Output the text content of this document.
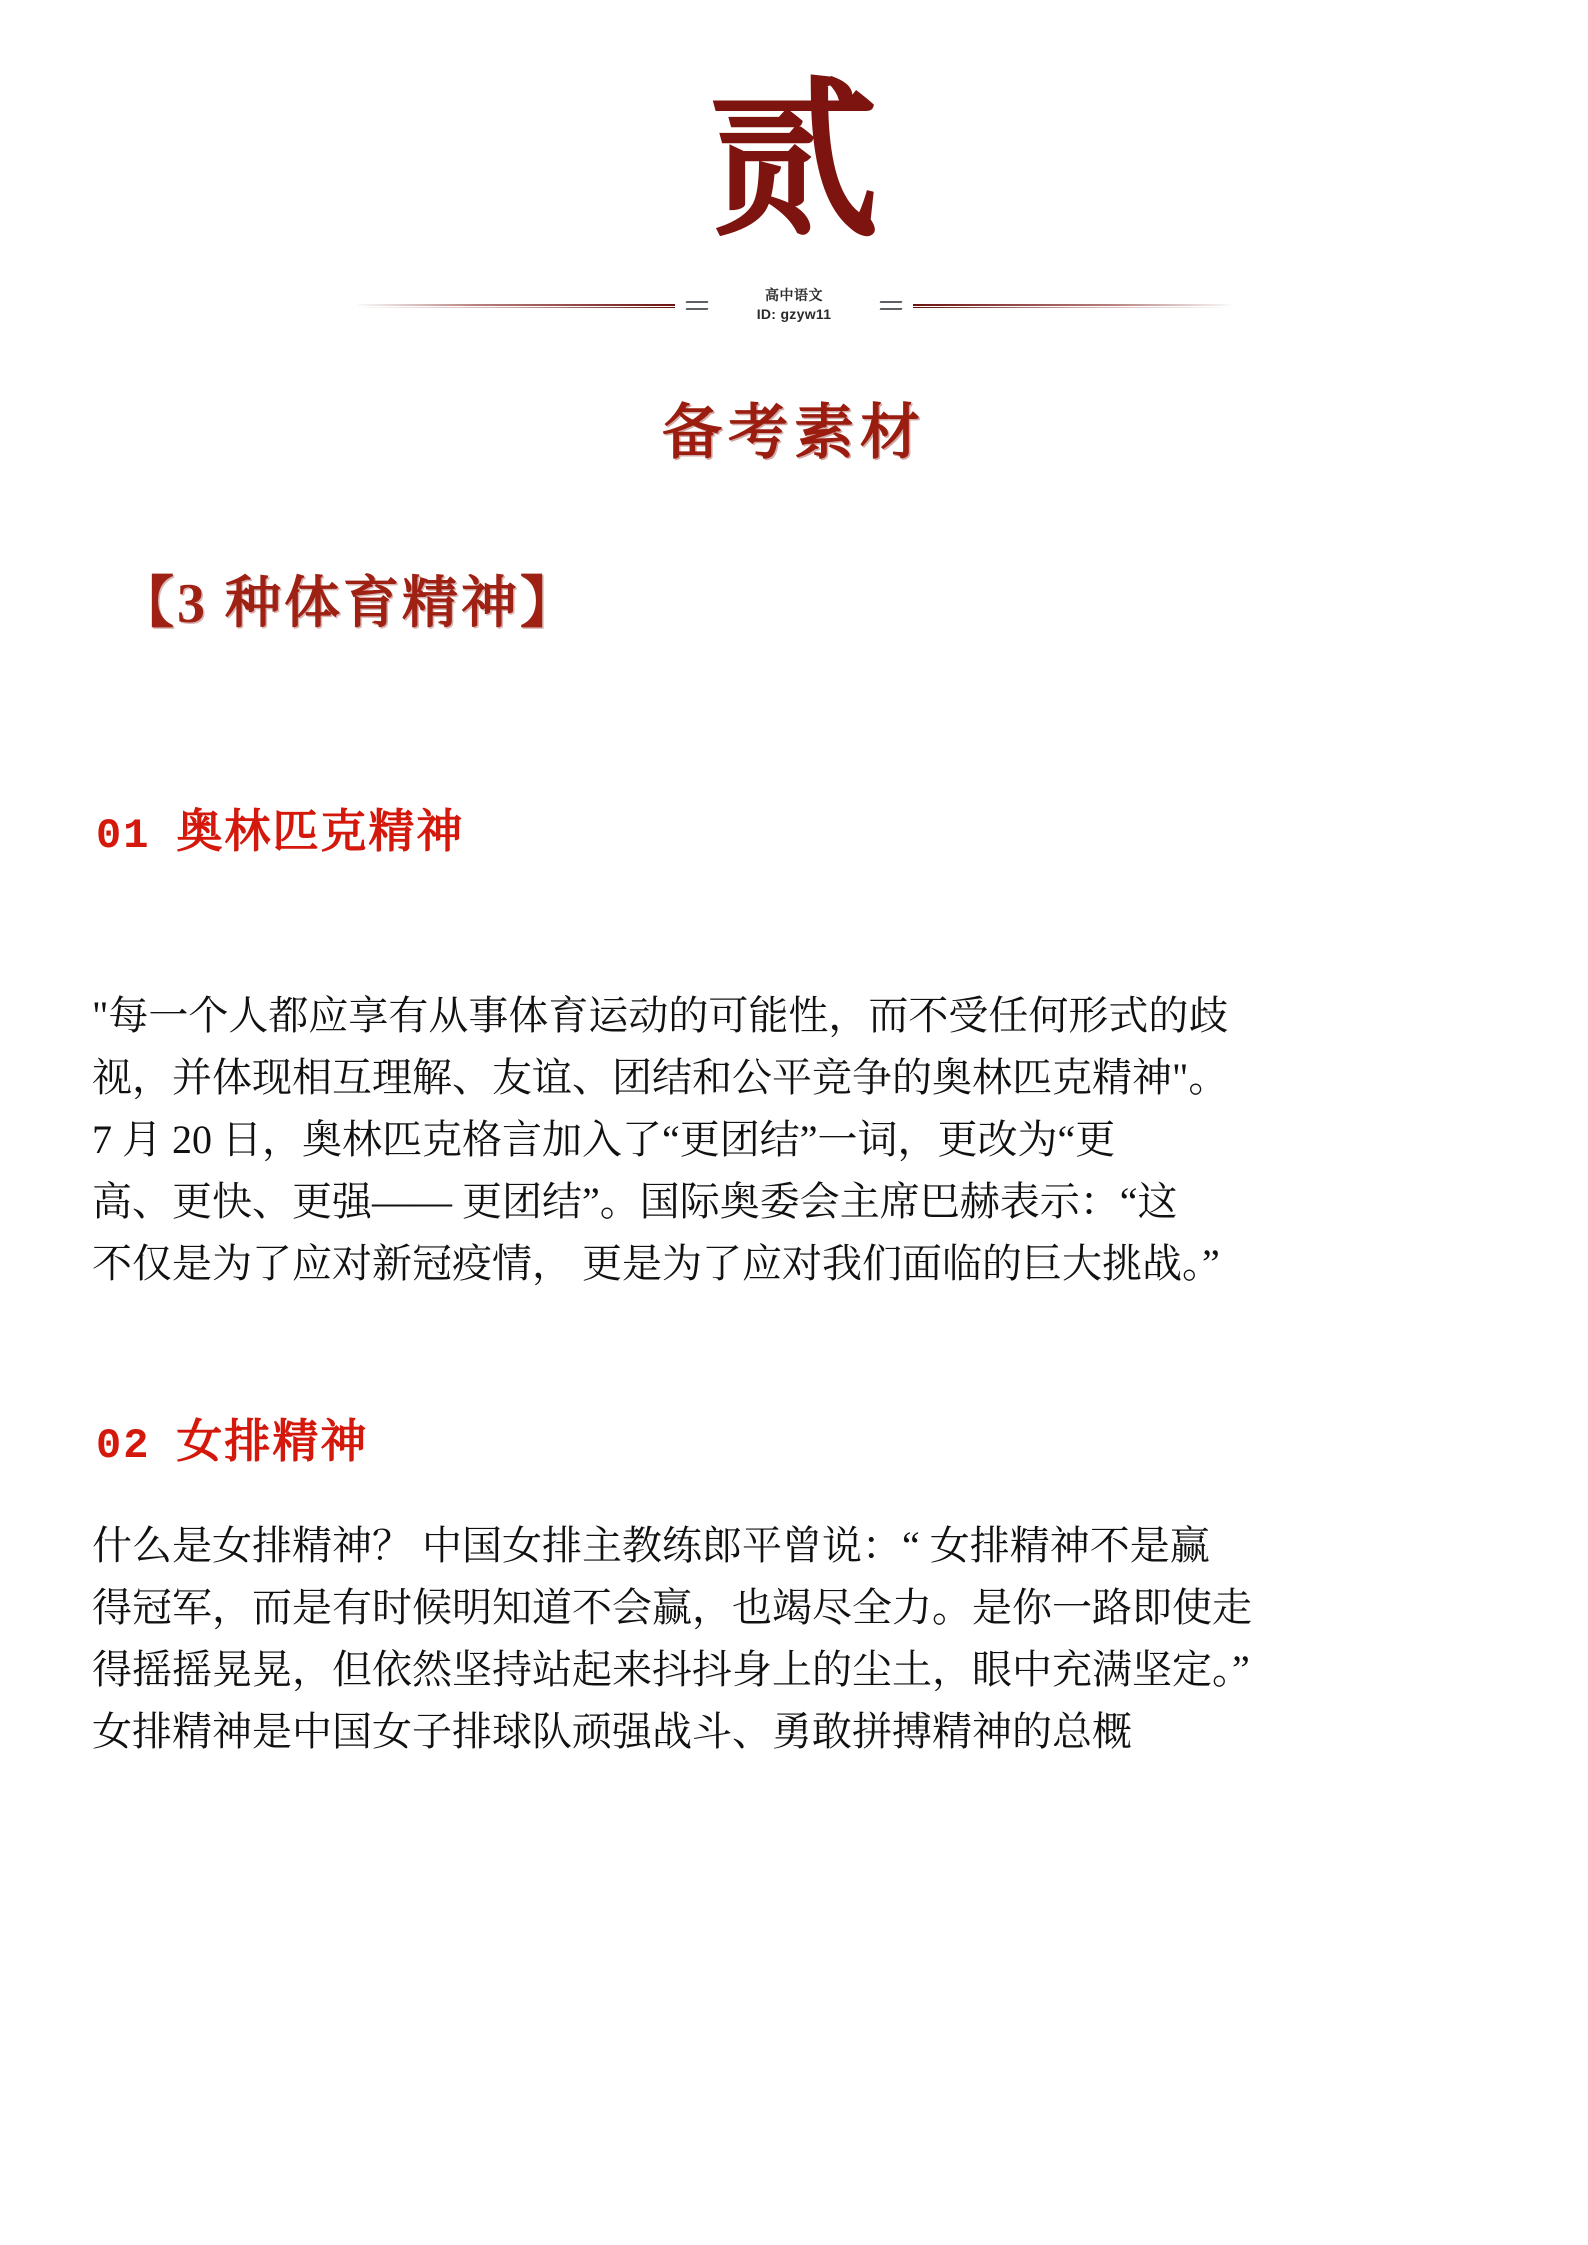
贰
高中语文
ID: gzyw11
备考素材
【3 种体育精神】
01 奥林匹克精神
"每一个人都应享有从事体育运动的可能性，而不受任何形式的歧
视，并体现相互理解、友谊、团结和公平竞争的奥林匹克精神"。
7 月 20 日，奥林匹克格言加入了“更团结”一词，更改为“更
高、更快、更强—— 更团结”。国际奥委会主席巴赫表示：“这
不仅是为了应对新冠疫情， 更是为了应对我们面临的巨大挑战。”
02 女排精神
什么是女排精神？ 中国女排主教练郎平曾说：“ 女排精神不是赢
得冠军，而是有时候明知道不会赢，也竭尽全力。是你一路即使走
得摇摇晃晃，但依然坚持站起来抖抖身上的尘土，眼中充满坚定。”
女排精神是中国女子排球队顽强战斗、勇敢拼搏精神的总概
